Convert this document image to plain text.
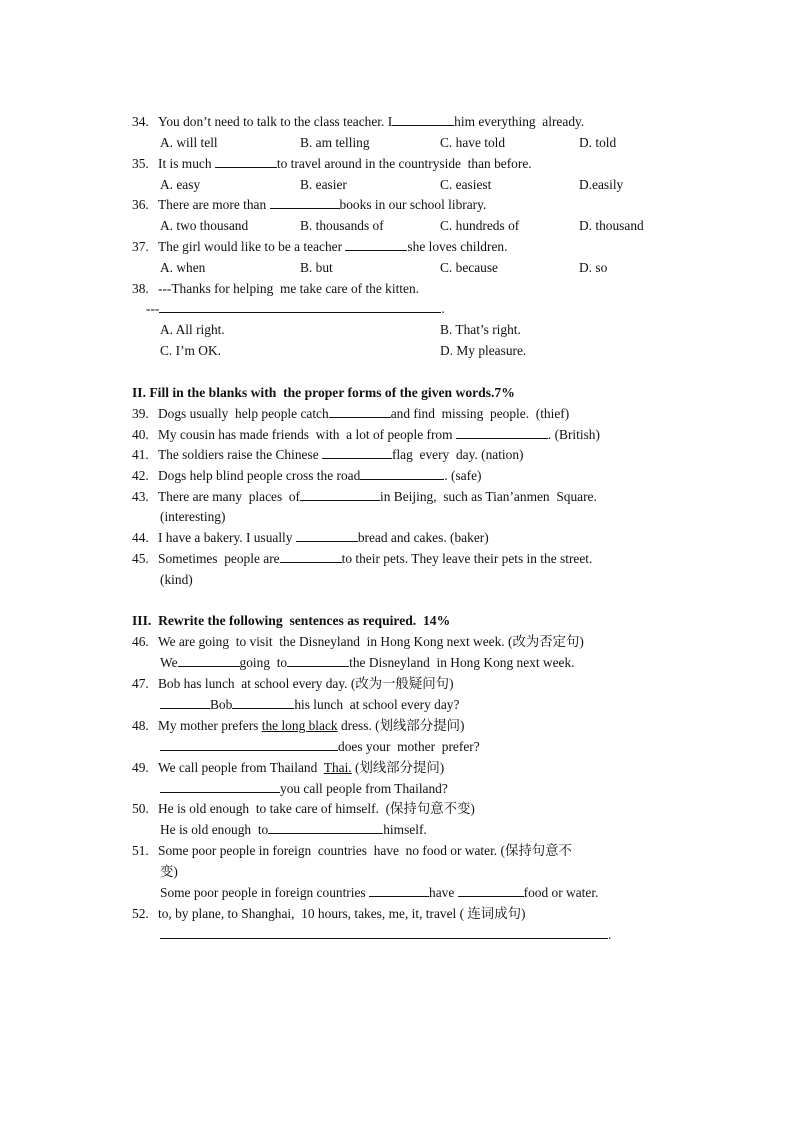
34. You don’t need to talk to the class teacher. I	him everything  already.
A. will tell	B. am telling	C. have told	D. told
35. It is much	to travel around in the countryside  than before.
A. easy	B. easier	C. easiest	D.easily
36. There are more than	books in our school library.
A. two thousand	B. thousands of	C. hundreds of	D. thousand
37. The girl would like to be a teacher	she loves children.
A. when	B. but	C. because	D. so
38. ---Thanks for helping  me take care of the kitten.
---	.
A. All right.	B. That’s right.
C. I’m OK.	D. My pleasure.
II. Fill in the blanks with  the proper forms of the given words.7%
39. Dogs usually  help people catch	and find  missing  people.  (thief)
40. My cousin has made friends  with  a lot of people from	. (British)
41. The soldiers raise the Chinese	flag  every  day. (nation)
42. Dogs help blind people cross the road	. (safe)
43. There are many  places  of	in Beijing,  such as Tian’anmen  Square.
(interesting)
44. I have a bakery. I usually	bread and cakes. (baker)
45. Sometimes  people are	to their pets. They leave their pets in the street.
(kind)
III.  Rewrite the following  sentences as required.  14%
46. We are going  to visit  the Disneyland  in Hong Kong next week. (改为否定句)
We	going  to	the Disneyland  in Hong Kong next week.
47. Bob has lunch  at school every day. (改为一般疑问句)
Bob	his lunch  at school every day?
48. My mother prefers the long black dress. (划线部分提问)
does your  mother  prefer?
49. We call people from Thailand  Thai. (划线部分提问)
you call people from Thailand?
50. He is old enough  to take care of himself.  (保持句意不变)
He is old enough  to	himself.
51. Some poor people in foreign  countries  have  no food or water. (保持句意不
变)
Some poor people in foreign countries	have	food or water.
52. to, by plane, to Shanghai,  10 hours, takes, me, it, travel ( 连词成句)
.
